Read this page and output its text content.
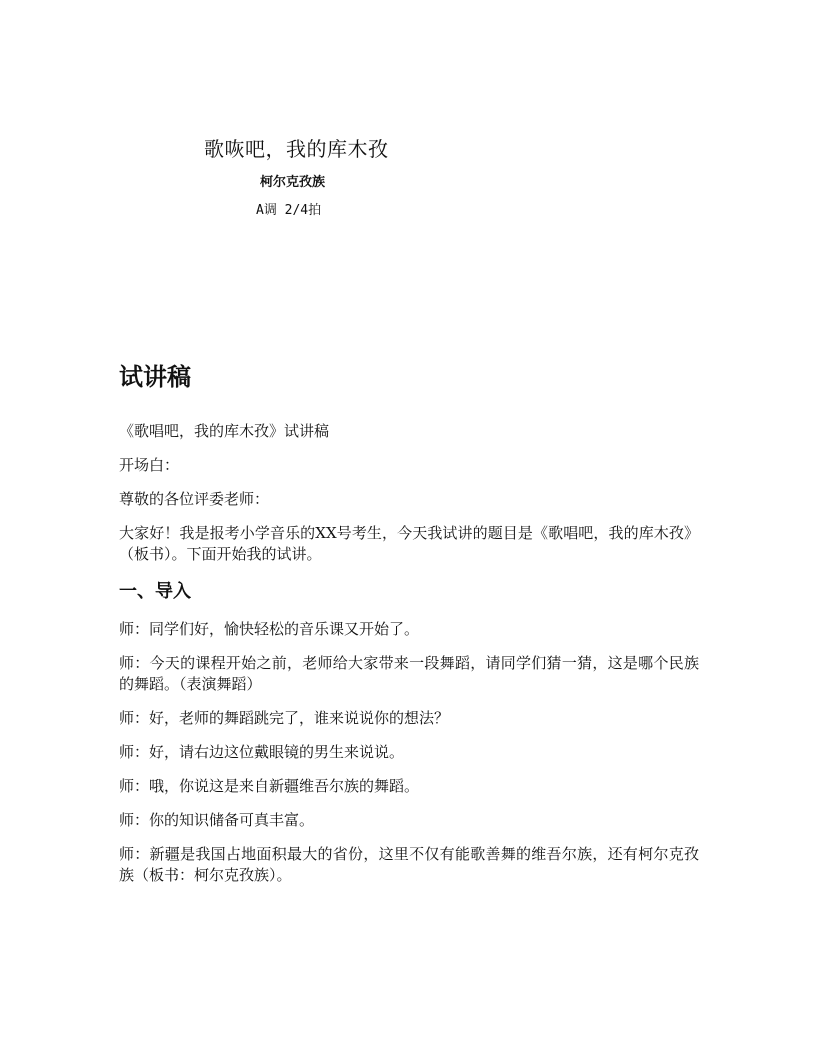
歌咴吧，我的库木孜
柯尔克孜族
A调 2/4拍
试讲稿

《歌唱吧，我的库木孜》试讲稿

开场白：

尊敬的各位评委老师：

大家好！我是报考小学音乐的XX号考生，今天我试讲的题目是《歌唱吧，我的库木孜》（板书）。下面开始我的试讲。

一、导入

师：同学们好，愉快轻松的音乐课又开始了。

师：今天的课程开始之前，老师给大家带来一段舞蹈，请同学们猜一猜，这是哪个民族的舞蹈。（表演舞蹈）

师：好，老师的舞蹈跳完了，谁来说说你的想法？

师：好，请右边这位戴眼镜的男生来说说。

师：哦，你说这是来自新疆维吾尔族的舞蹈。

师：你的知识储备可真丰富。

师：新疆是我国占地面积最大的省份，这里不仅有能歌善舞的维吾尔族，还有柯尔克孜族（板书：柯尔克孜族）。
